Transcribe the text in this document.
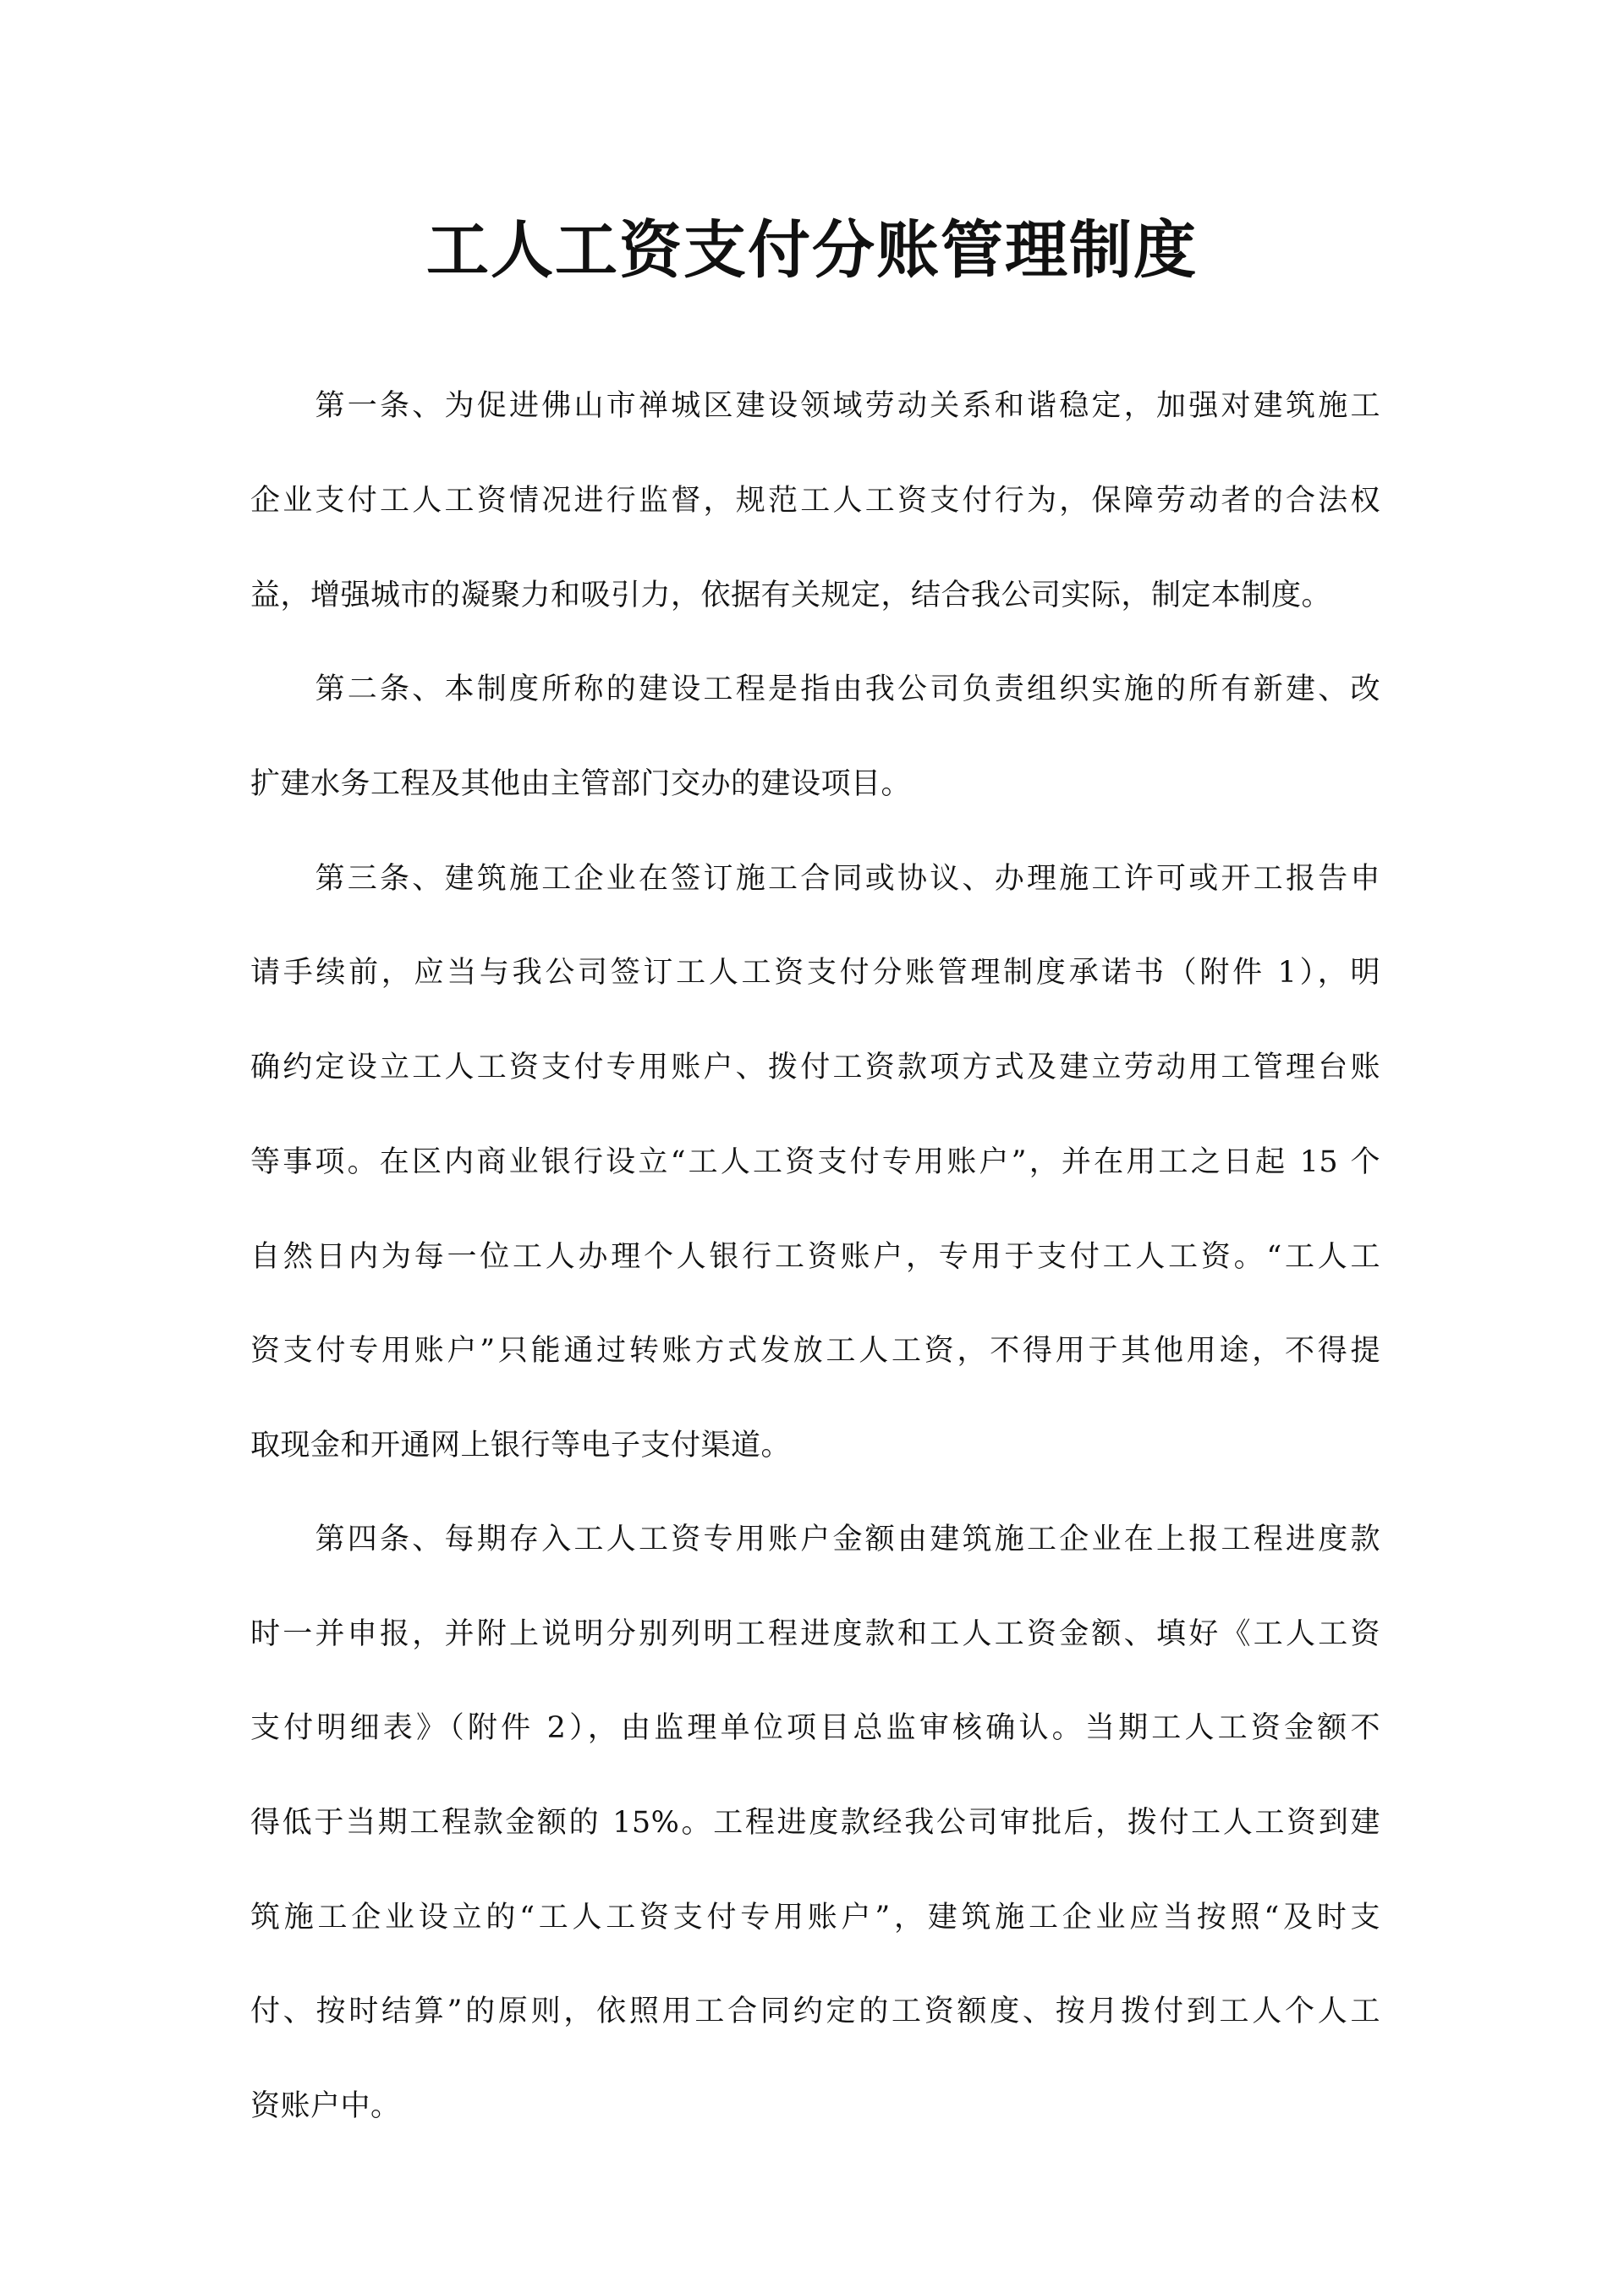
工人工资支付分账管理制度
　　第一条、为促进佛山市禅城区建设领域劳动关系和谐稳定，加强对建筑施工
企业支付工人工资情况进行监督，规范工人工资支付行为，保障劳动者的合法权
益，增强城市的凝聚力和吸引力，依据有关规定，结合我公司实际，制定本制度。
　　第二条、本制度所称的建设工程是指由我公司负责组织实施的所有新建、改
扩建水务工程及其他由主管部门交办的建设项目。
　　第三条、建筑施工企业在签订施工合同或协议、办理施工许可或开工报告申
请手续前，应当与我公司签订工人工资支付分账管理制度承诺书（附件 1），明
确约定设立工人工资支付专用账户、拨付工资款项方式及建立劳动用工管理台账
等事项。在区内商业银行设立“工人工资支付专用账户”，并在用工之日起 15 个
自然日内为每一位工人办理个人银行工资账户，专用于支付工人工资。“工人工
资支付专用账户”只能通过转账方式发放工人工资，不得用于其他用途，不得提
取现金和开通网上银行等电子支付渠道。
　　第四条、每期存入工人工资专用账户金额由建筑施工企业在上报工程进度款
时一并申报，并附上说明分别列明工程进度款和工人工资金额、填好《工人工资
支付明细表》（附件 2），由监理单位项目总监审核确认。当期工人工资金额不
得低于当期工程款金额的 15%。工程进度款经我公司审批后，拨付工人工资到建
筑施工企业设立的“工人工资支付专用账户”，建筑施工企业应当按照“及时支
付、按时结算”的原则，依照用工合同约定的工资额度、按月拨付到工人个人工
资账户中。
